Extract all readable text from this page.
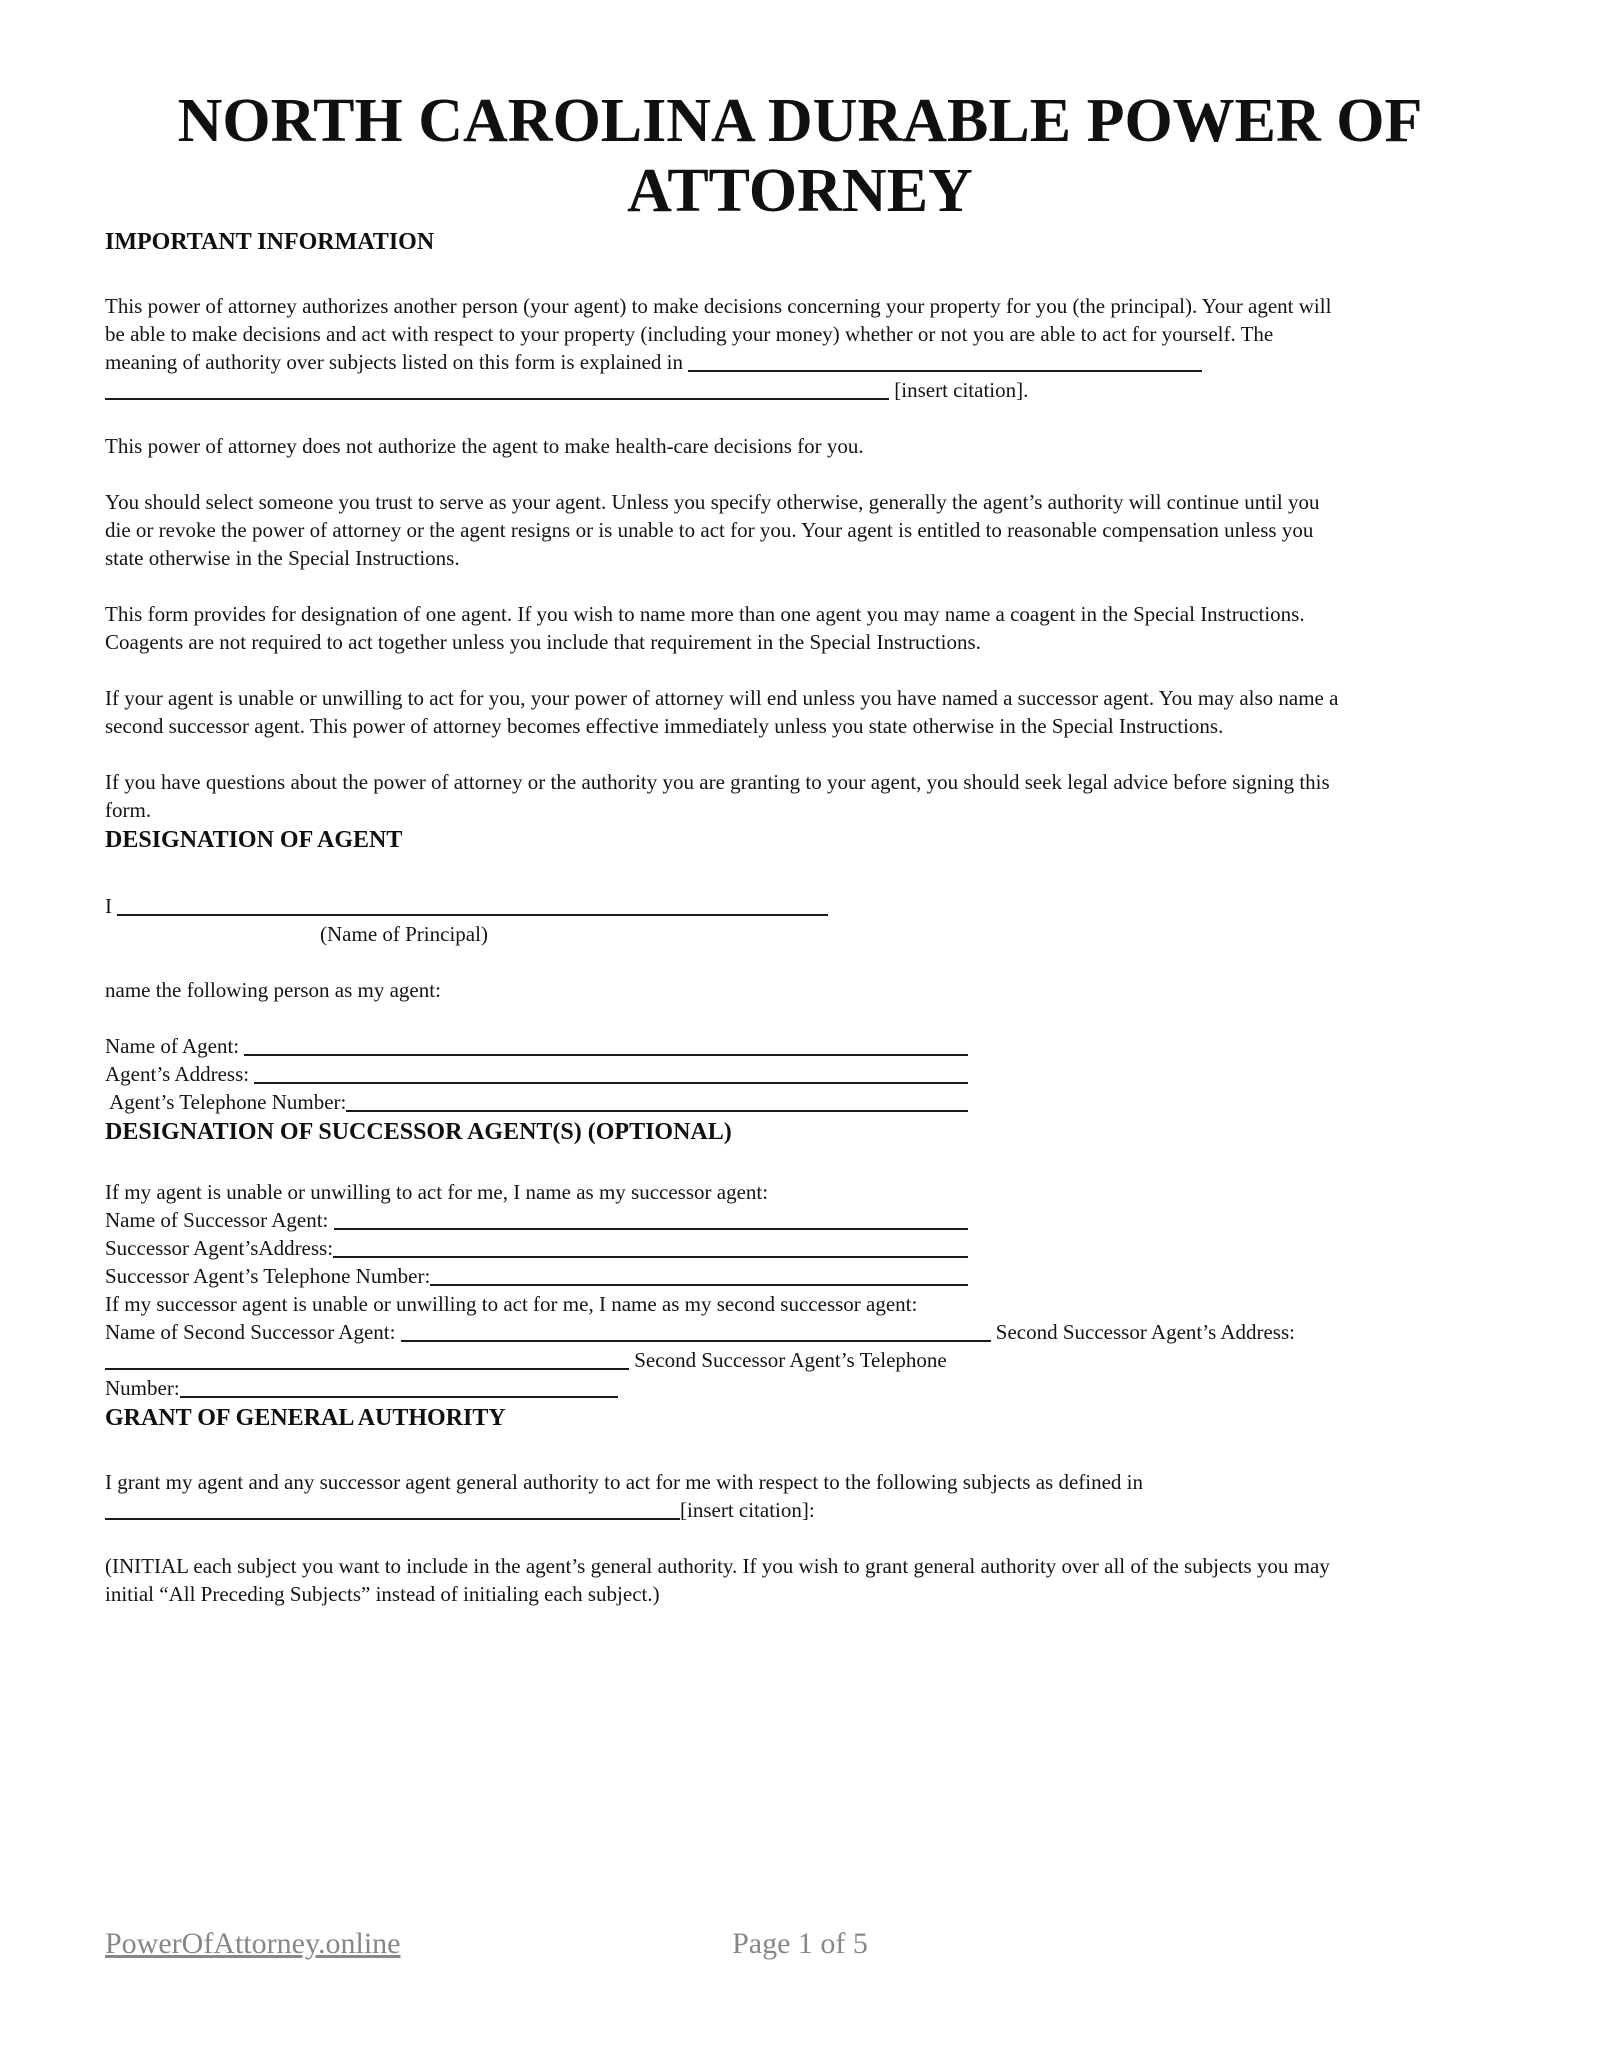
NORTH CAROLINA DURABLE POWER OF
ATTORNEY
IMPORTANT INFORMATION
This power of attorney authorizes another person (your agent) to make decisions concerning your property for you (the principal). Your agent will
be able to make decisions and act with respect to your property (including your money) whether or not you are able to act for yourself. The
meaning of authority over subjects listed on this form is explained in
[insert citation].
This power of attorney does not authorize the agent to make health-care decisions for you.
You should select someone you trust to serve as your agent. Unless you specify otherwise, generally the agent’s authority will continue until you
die or revoke the power of attorney or the agent resigns or is unable to act for you. Your agent is entitled to reasonable compensation unless you
state otherwise in the Special Instructions.
This form provides for designation of one agent. If you wish to name more than one agent you may name a coagent in the Special Instructions.
Coagents are not required to act together unless you include that requirement in the Special Instructions.
If your agent is unable or unwilling to act for you, your power of attorney will end unless you have named a successor agent. You may also name a
second successor agent. This power of attorney becomes effective immediately unless you state otherwise in the Special Instructions.
If you have questions about the power of attorney or the authority you are granting to your agent, you should seek legal advice before signing this
form.
DESIGNATION OF AGENT
I
(Name of Principal)
name the following person as my agent:
Name of Agent:
Agent’s Address:
Agent’s Telephone Number:
DESIGNATION OF SUCCESSOR AGENT(S) (OPTIONAL)
If my agent is unable or unwilling to act for me, I name as my successor agent:
Name of Successor Agent:
Successor Agent’sAddress:
Successor Agent’s Telephone Number:
If my successor agent is unable or unwilling to act for me, I name as my second successor agent:
Name of Second Successor Agent:	Second Successor Agent’s Address:
Second Successor Agent’s Telephone
Number:
GRANT OF GENERAL AUTHORITY
I grant my agent and any successor agent general authority to act for me with respect to the following subjects as defined in
[insert citation]:
(INITIAL each subject you want to include in the agent’s general authority. If you wish to grant general authority over all of the subjects you may
initial “All Preceding Subjects” instead of initialing each subject.)
PowerOfAttorney.online	Page 1 of 5
